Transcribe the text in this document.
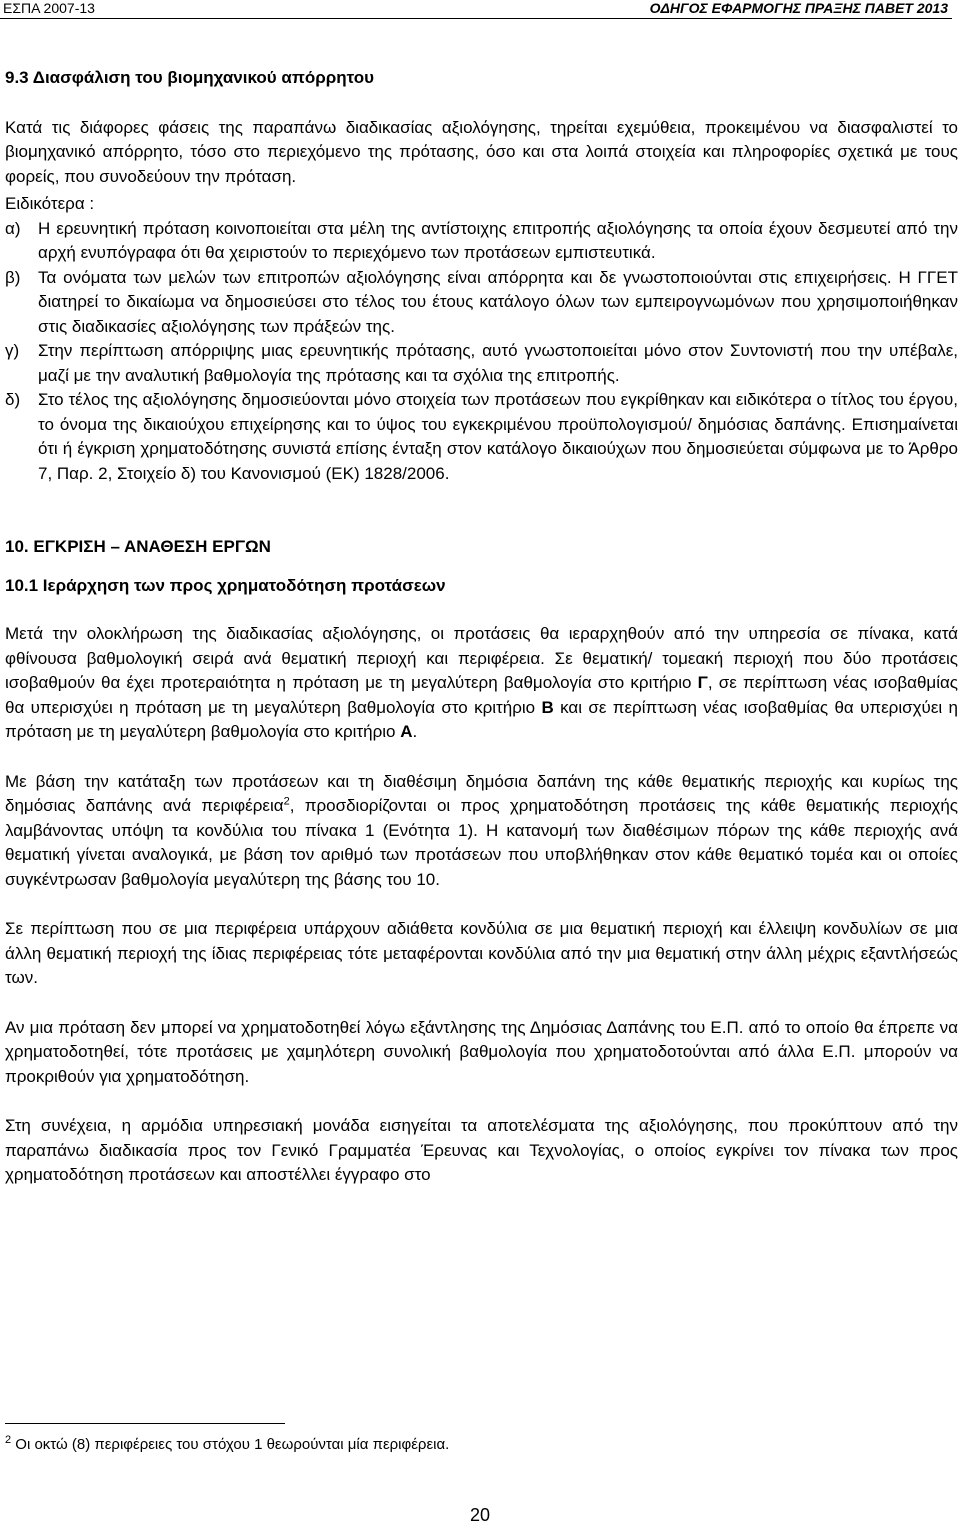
ΕΣΠΑ 2007-13	ΟΔΗΓΟΣ ΕΦΑΡΜΟΓΗΣ ΠΡΑΞΗΣ ΠΑΒΕΤ 2013

9.3 Διασφάλιση του βιομηχανικού απόρρητου

Κατά τις διάφορες φάσεις της παραπάνω διαδικασίας αξιολόγησης, τηρείται εχεμύθεια, προκειμένου να διασφαλιστεί το βιομηχανικό απόρρητο, τόσο στο περιεχόμενο της πρότασης, όσο και στα λοιπά στοιχεία και πληροφορίες σχετικά με τους φορείς, που συνοδεύουν την πρόταση.

Ειδικότερα :

α)	Η ερευνητική πρόταση κοινοποιείται στα μέλη της αντίστοιχης επιτροπής αξιολόγησης τα οποία έχουν δεσμευτεί από την αρχή ενυπόγραφα ότι θα χειριστούν το περιεχόμενο των προτάσεων εμπιστευτικά.
β)	Τα ονόματα των μελών των επιτροπών αξιολόγησης είναι απόρρητα και δε γνωστοποιούνται στις επιχειρήσεις. Η ΓΓΕΤ διατηρεί το δικαίωμα να δημοσιεύσει στο τέλος του έτους κατάλογο όλων των εμπειρογνωμόνων που χρησιμοποιήθηκαν στις διαδικασίες αξιολόγησης των πράξεών της.
γ)	Στην περίπτωση απόρριψης μιας ερευνητικής πρότασης, αυτό γνωστοποιείται μόνο στον Συντονιστή που την υπέβαλε, μαζί με την αναλυτική βαθμολογία της πρότασης και τα σχόλια της επιτροπής.
δ)	Στο τέλος της αξιολόγησης δημοσιεύονται μόνο στοιχεία των προτάσεων που εγκρίθηκαν και ειδικότερα ο τίτλος του έργου, το όνομα της δικαιούχου επιχείρησης και το ύψος του εγκεκριμένου προϋπολογισμού/ δημόσιας δαπάνης. Επισημαίνεται ότι ή έγκριση χρηματοδότησης συνιστά επίσης ένταξη στον κατάλογο δικαιούχων που δημοσιεύεται σύμφωνα με το Άρθρο 7, Παρ. 2, Στοιχείο δ) του Κανονισμού (ΕΚ) 1828/2006.

10. ΕΓΚΡΙΣΗ – ΑΝΑΘΕΣΗ ΕΡΓΩΝ

10.1 Ιεράρχηση των προς χρηματοδότηση προτάσεων

Μετά την ολοκλήρωση της διαδικασίας αξιολόγησης, οι προτάσεις θα ιεραρχηθούν από την υπηρεσία σε πίνακα, κατά φθίνουσα βαθμολογική σειρά ανά θεματική περιοχή και περιφέρεια. Σε θεματική/ τομεακή περιοχή που δύο προτάσεις ισοβαθμούν θα έχει προτεραιότητα η πρόταση με τη μεγαλύτερη βαθμολογία στο κριτήριο Γ, σε περίπτωση νέας ισοβαθμίας θα υπερισχύει η πρόταση με τη μεγαλύτερη βαθμολογία στο κριτήριο Β και σε περίπτωση νέας ισοβαθμίας θα υπερισχύει η πρόταση με τη μεγαλύτερη βαθμολογία στο κριτήριο Α.

Με βάση την κατάταξη των προτάσεων και τη διαθέσιμη δημόσια δαπάνη της κάθε θεματικής περιοχής και κυρίως της δημόσιας δαπάνης ανά περιφέρεια$^2$, προσδιορίζονται οι προς χρηματοδότηση προτάσεις της κάθε θεματικής περιοχής λαμβάνοντας υπόψη τα κονδύλια του πίνακα 1 (Ενότητα 1). Η κατανομή των διαθέσιμων πόρων της κάθε περιοχής ανά θεματική γίνεται αναλογικά, με βάση τον αριθμό των προτάσεων που υποβλήθηκαν στον κάθε θεματικό τομέα και οι οποίες συγκέντρωσαν βαθμολογία μεγαλύτερη της βάσης του 10.

Σε περίπτωση που σε μια περιφέρεια υπάρχουν αδιάθετα κονδύλια σε μια θεματική περιοχή και έλλειψη κονδυλίων σε μια άλλη θεματική περιοχή της ίδιας περιφέρειας τότε μεταφέρονται κονδύλια από την μια θεματική στην άλλη μέχρις εξαντλήσεώς των.

Αν μια πρόταση δεν μπορεί να χρηματοδοτηθεί λόγω εξάντλησης της Δημόσιας Δαπάνης του Ε.Π. από το οποίο θα έπρεπε να χρηματοδοτηθεί, τότε προτάσεις με χαμηλότερη συνολική βαθμολογία που χρηματοδοτούνται από άλλα Ε.Π. μπορούν να προκριθούν για χρηματοδότηση.

Στη συνέχεια, η αρμόδια υπηρεσιακή μονάδα εισηγείται τα αποτελέσματα της αξιολόγησης, που προκύπτουν από την παραπάνω διαδικασία προς τον Γενικό Γραμματέα Έρευνας και Τεχνολογίας, ο οποίος εγκρίνει τον πίνακα των προς χρηματοδότηση προτάσεων και αποστέλλει έγγραφο στο

$^2$ Οι οκτώ (8) περιφέρειες του στόχου 1 θεωρούνται μία περιφέρεια.
20
